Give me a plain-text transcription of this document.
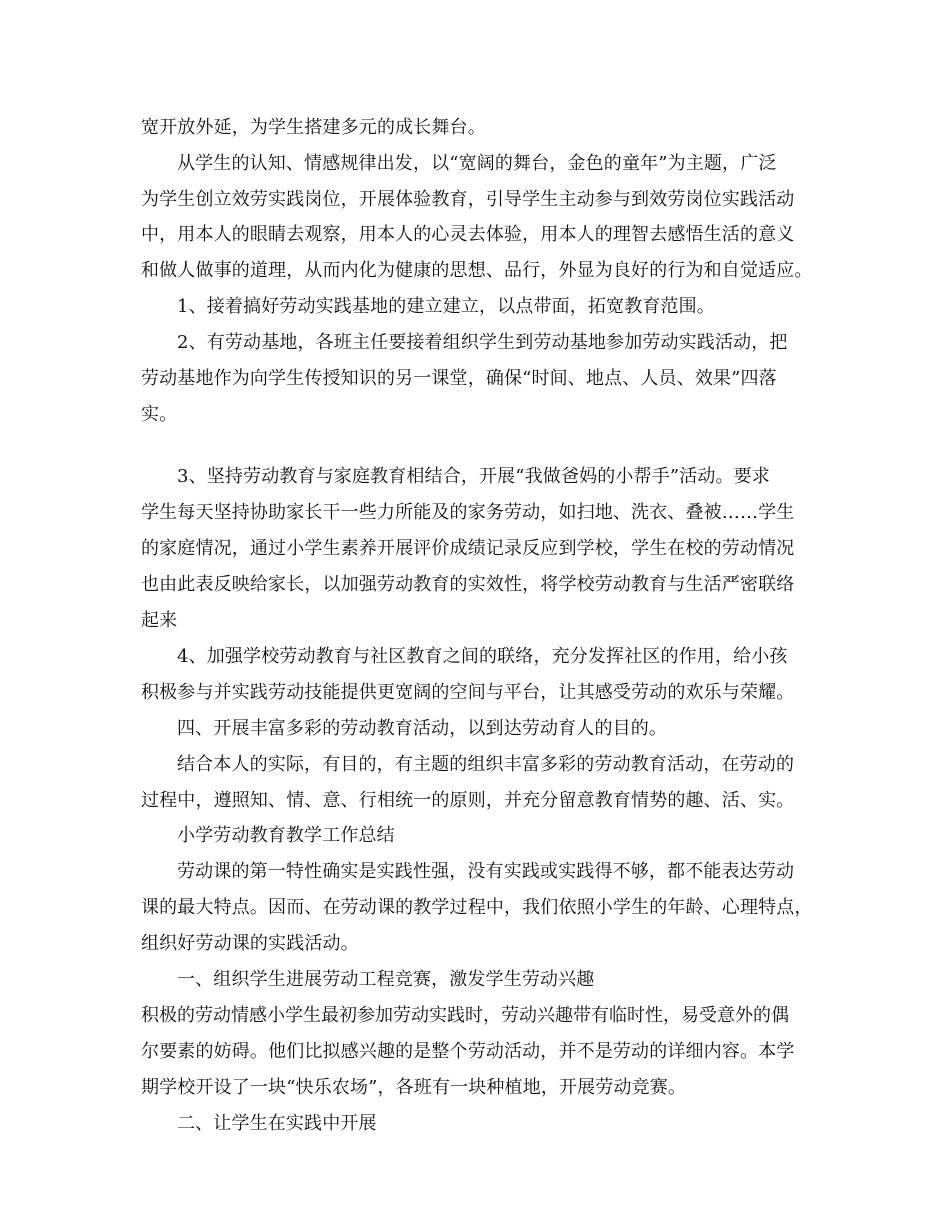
宽开放外延，为学生搭建多元的成长舞台。
从学生的认知、情感规律出发，以“宽阔的舞台，金色的童年”为主题，广泛
为学生创立效劳实践岗位，开展体验教育，引导学生主动参与到效劳岗位实践活动
中，用本人的眼睛去观察，用本人的心灵去体验，用本人的理智去感悟生活的意义
和做人做事的道理，从而内化为健康的思想、品行，外显为良好的行为和自觉适应。
1、接着搞好劳动实践基地的建立建立，以点带面，拓宽教育范围。
2、有劳动基地，各班主任要接着组织学生到劳动基地参加劳动实践活动，把
劳动基地作为向学生传授知识的另一课堂，确保“时间、地点、人员、效果”四落
实。
3、坚持劳动教育与家庭教育相结合，开展“我做爸妈的小帮手”活动。要求
学生每天坚持协助家长干一些力所能及的家务劳动，如扫地、洗衣、叠被……学生
的家庭情况，通过小学生素养开展评价成绩记录反应到学校，学生在校的劳动情况
也由此表反映给家长，以加强劳动教育的实效性，将学校劳动教育与生活严密联络
起来
4、加强学校劳动教育与社区教育之间的联络，充分发挥社区的作用，给小孩
积极参与并实践劳动技能提供更宽阔的空间与平台，让其感受劳动的欢乐与荣耀。
四、开展丰富多彩的劳动教育活动，以到达劳动育人的目的。
结合本人的实际，有目的，有主题的组织丰富多彩的劳动教育活动，在劳动的
过程中，遵照知、情、意、行相统一的原则，并充分留意教育情势的趣、活、实。
小学劳动教育教学工作总结
劳动课的第一特性确实是实践性强，没有实践或实践得不够，都不能表达劳动
课的最大特点。因而、在劳动课的教学过程中，我们依照小学生的年龄、心理特点，
组织好劳动课的实践活动。
一、组织学生进展劳动工程竞赛，激发学生劳动兴趣
积极的劳动情感小学生最初参加劳动实践时，劳动兴趣带有临时性，易受意外的偶
尔要素的妨碍。他们比拟感兴趣的是整个劳动活动，并不是劳动的详细内容。本学
期学校开设了一块“快乐农场”，各班有一块种植地，开展劳动竞赛。
二、让学生在实践中开展
